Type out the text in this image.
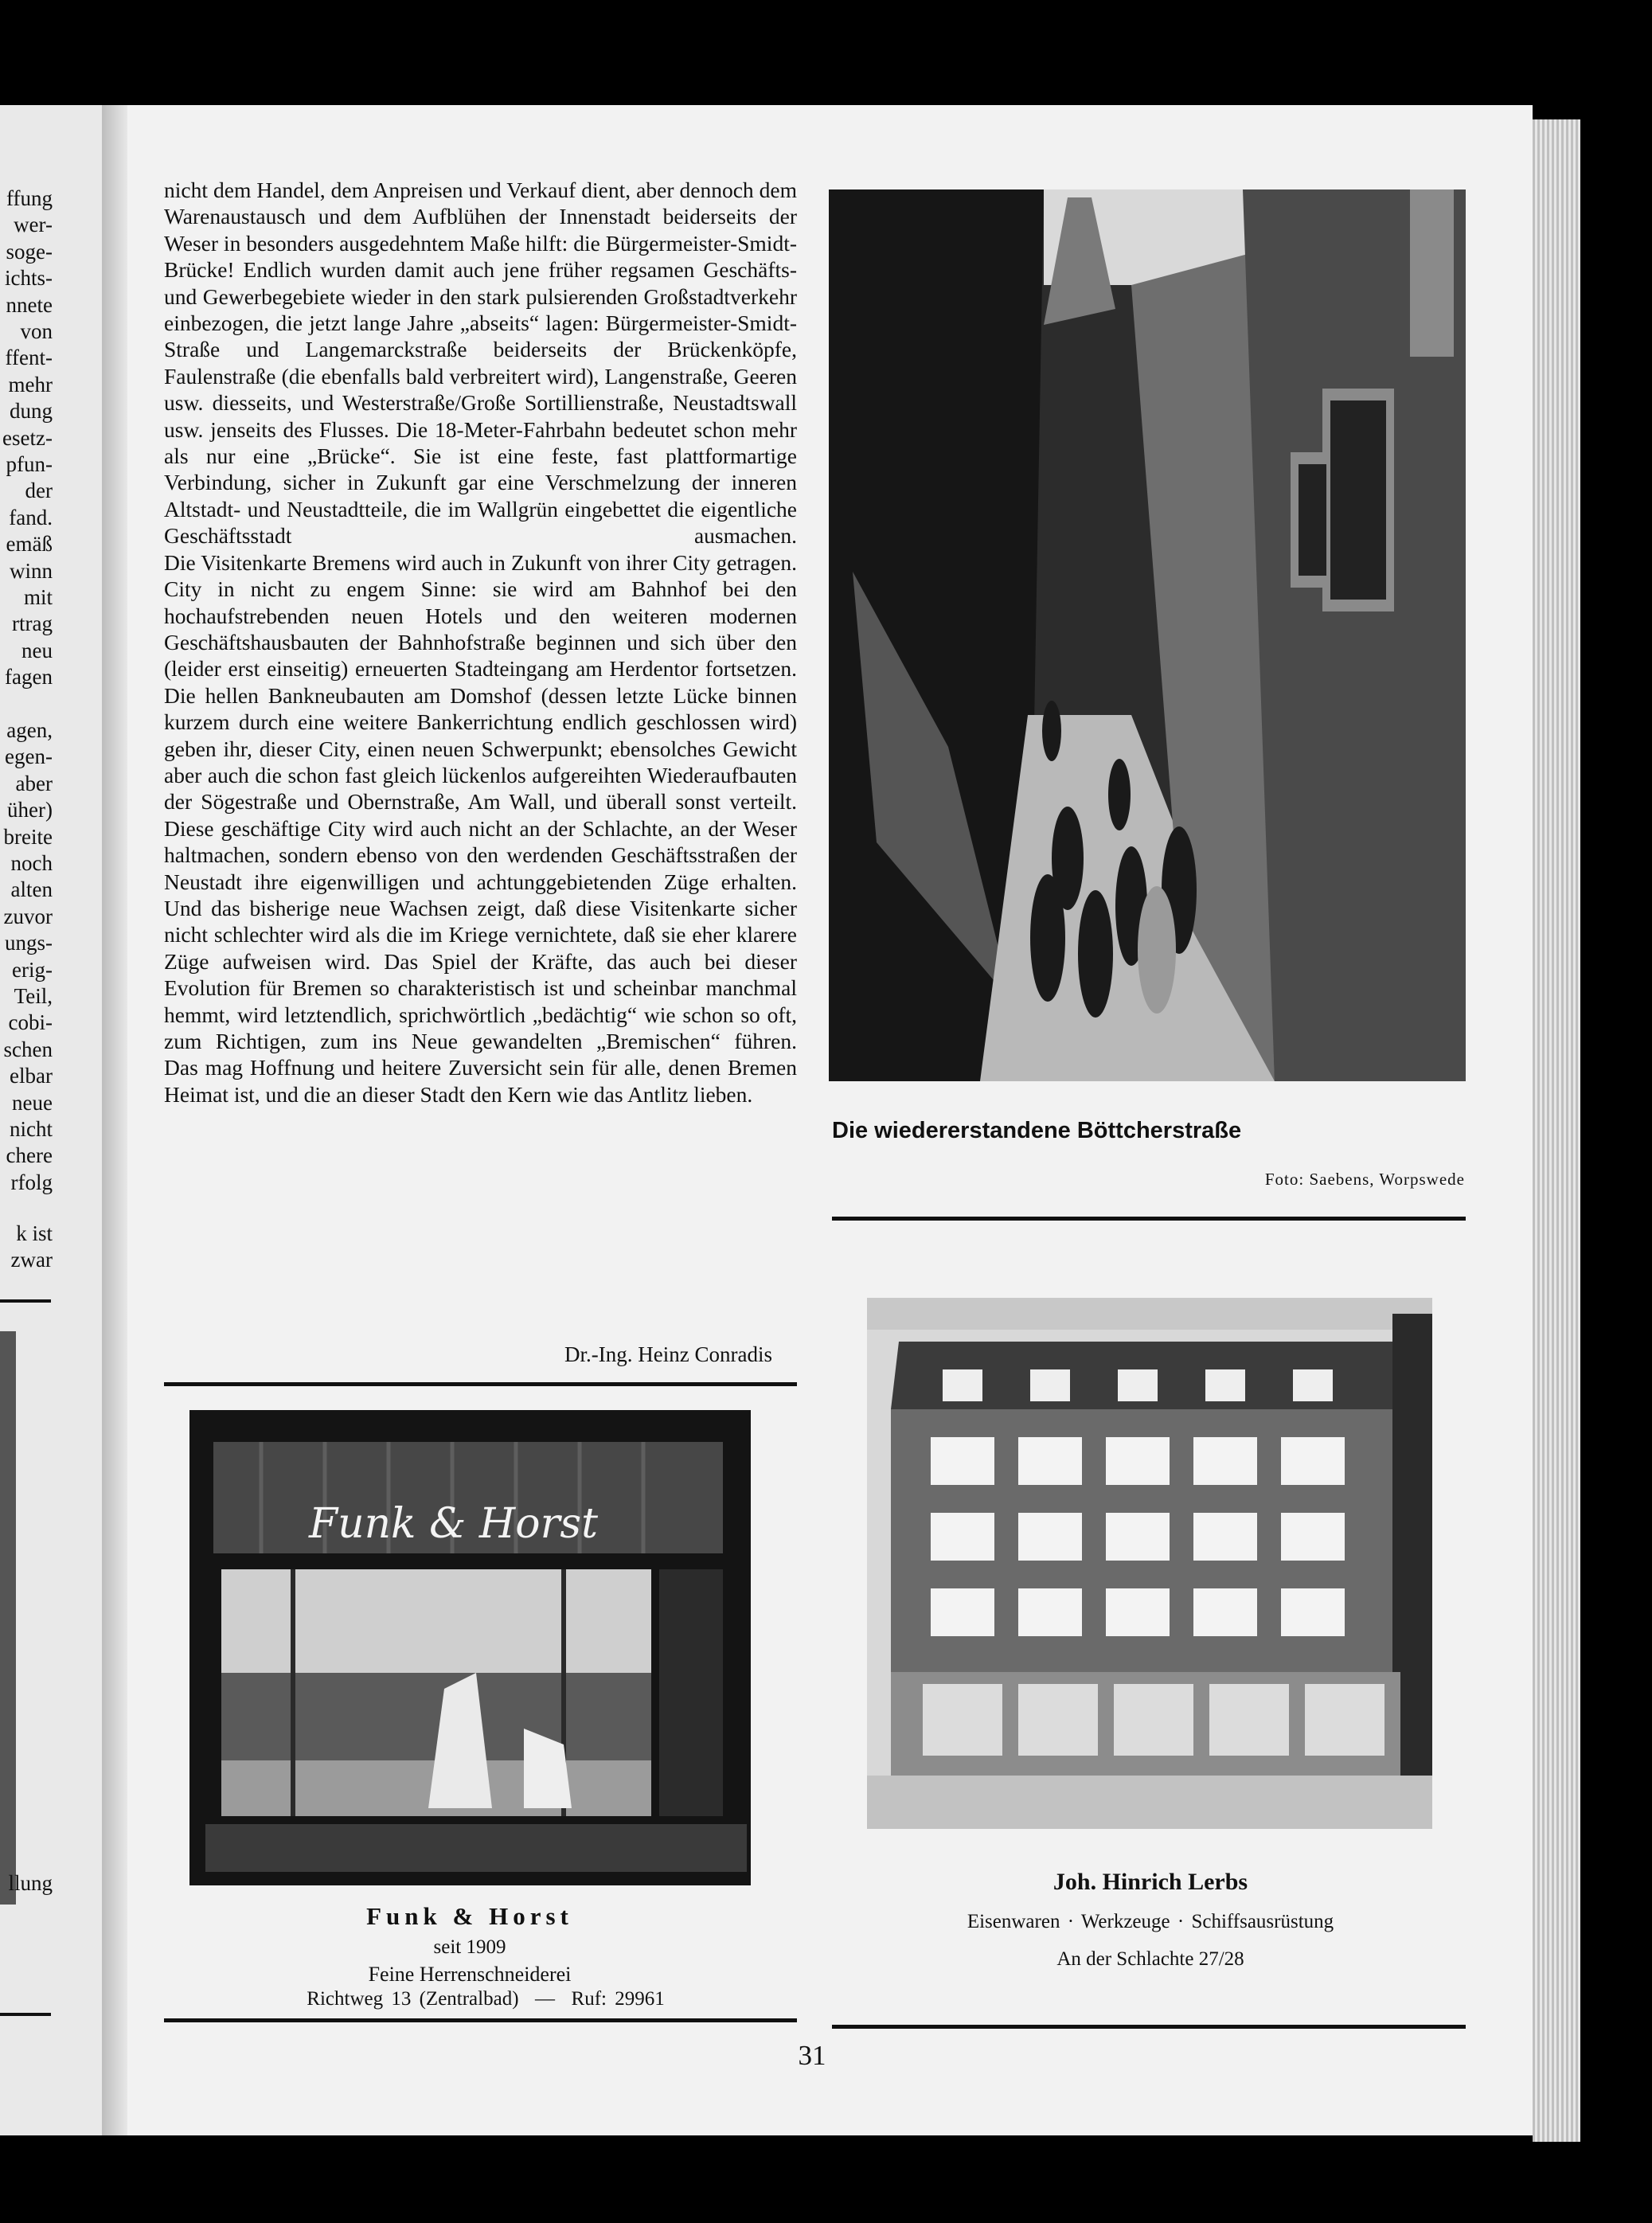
ffung
wer-
soge-
ichts-
nnete
von
ffent-
mehr
dung
esetz-
pfun-
der
fand.
emäß
winn
mit
rtrag
neu
fagen
agen,
egen-
aber
üher)
breite
noch
alten
zuvor
ungs-
erig-
Teil,
cobi-
schen
elbar
neue
nicht
chere
rfolg
k ist
zwar
llung

nicht dem Handel, dem Anpreisen und Verkauf dient, aber dennoch dem Warenaustausch und dem Aufblühen der Innenstadt beiderseits der Weser in besonders ausgedehntem Maße hilft: die Bürgermeister-Smidt-Brücke! Endlich wurden damit auch jene früher regsamen Geschäfts- und Gewerbegebiete wieder in den stark pulsierenden Großstadtverkehr einbezogen, die jetzt lange Jahre „abseits“ lagen: Bürgermeister-Smidt-Straße und Langemarckstraße beiderseits der Brückenköpfe, Faulenstraße (die ebenfalls bald verbreitert wird), Langenstraße, Geeren usw. diesseits, und Westerstraße/Große Sortillienstraße, Neustadtswall usw. jenseits des Flusses. Die 18-Meter-Fahrbahn bedeutet schon mehr als nur eine „Brücke“. Sie ist eine feste, fast plattformartige Verbindung, sicher in Zukunft gar eine Verschmelzung der inneren Altstadt- und Neustadtteile, die im Wallgrün eingebettet die eigentliche Geschäftsstadt ausmachen.

Die Visitenkarte Bremens wird auch in Zukunft von ihrer City getragen. City in nicht zu engem Sinne: sie wird am Bahnhof bei den hochaufstrebenden neuen Hotels und den weiteren modernen Geschäftshausbauten der Bahnhofstraße beginnen und sich über den (leider erst einseitig) erneuerten Stadteingang am Herdentor fortsetzen. Die hellen Bankneubauten am Domshof (dessen letzte Lücke binnen kurzem durch eine weitere Bankerrichtung endlich geschlossen wird) geben ihr, dieser City, einen neuen Schwerpunkt; ebensolches Gewicht aber auch die schon fast gleich lückenlos aufgereihten Wiederaufbauten der Sögestraße und Obernstraße, Am Wall, und überall sonst verteilt. Diese geschäftige City wird auch nicht an der Schlachte, an der Weser haltmachen, sondern ebenso von den werdenden Geschäftsstraßen der Neustadt ihre eigenwilligen und achtunggebietenden Züge erhalten. Und das bisherige neue Wachsen zeigt, daß diese Visitenkarte sicher nicht schlechter wird als die im Kriege vernichtete, daß sie eher klarere Züge aufweisen wird. Das Spiel der Kräfte, das auch bei dieser Evolution für Bremen so charakteristisch ist und scheinbar manchmal hemmt, wird letztendlich, sprichwörtlich „bedächtig“ wie schon so oft, zum Richtigen, zum ins Neue gewandelten „Bremischen“ führen.

Das mag Hoffnung und heitere Zuversicht sein für alle, denen Bremen Heimat ist, und die an dieser Stadt den Kern wie das Antlitz lieben.

Dr.-Ing. Heinz Conradis
Die wiedererstandene Böttcherstraße
Foto: Saebens, Worpswede
Funk & Horst
Funk & Horst
seit 1909
Feine Herrenschneiderei
Richtweg 13 (Zentralbad)  —  Ruf: 29961
Joh. Hinrich Lerbs
Eisenwaren · Werkzeuge · Schiffsausrüstung
An der Schlachte 27/28
31
